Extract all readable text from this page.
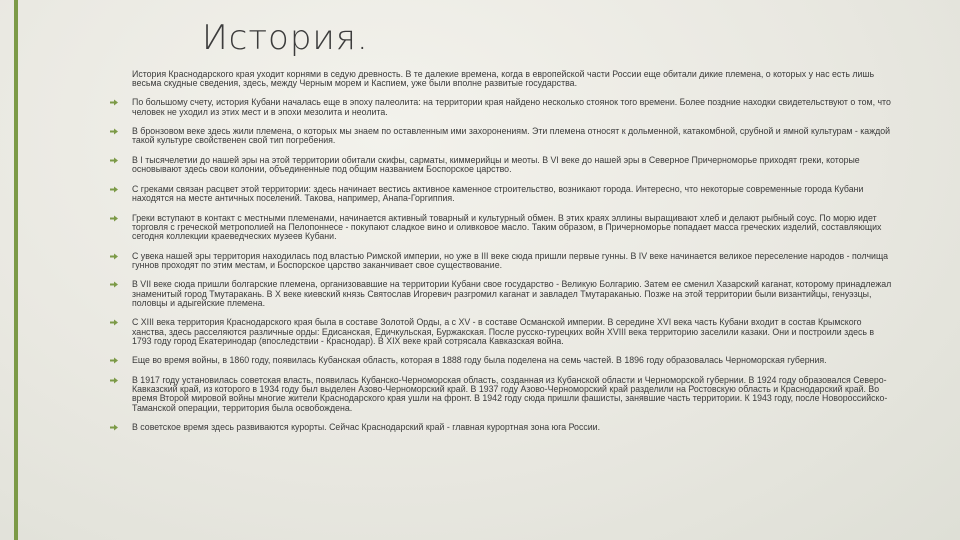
История.
История Краснодарского края уходит корнями в седую древность. В те далекие времена, когда в европейской части России еще обитали дикие племена, о которых у нас есть лишь весьма скудные сведения, здесь, между Черным морем и Каспием, уже были вполне развитые государства.
По большому счету, история Кубани началась еще в эпоху палеолита: на территории края найдено несколько стоянок того времени. Более поздние находки свидетельствуют о том, что человек не уходил из этих мест и в эпохи мезолита и неолита.
В бронзовом веке здесь жили племена, о которых мы знаем по оставленным ими захоронениям. Эти племена относят к дольменной, катакомбной, срубной и ямной культурам - каждой такой культуре свойственен свой тип погребения.
В I тысячелетии до нашей эры на этой территории обитали скифы, сарматы, киммерийцы и меоты. В VI веке до нашей эры в Северное Причерноморье приходят греки, которые основывают здесь свои колонии, объединенные под общим названием Боспорское царство.
С греками связан расцвет этой территории: здесь начинает вестись активное каменное строительство, возникают города. Интересно, что некоторые современные города Кубани находятся на месте античных поселений. Такова, например, Анапа-Горгиппия.
Греки вступают в контакт с местными племенами, начинается активный товарный и культурный обмен. В этих краях эллины выращивают хлеб и делают рыбный соус. По морю идет торговля с греческой метрополией на Пелопоннесе - покупают сладкое вино и оливковое масло. Таким образом, в Причерноморье попадает масса греческих изделий, составляющих сегодня коллекции краеведческих музеев Кубани.
С увека нашей эры территория находилась под властью Римской империи, но уже в III веке сюда пришли первые гунны. В IV веке начинается великое переселение народов - полчища гуннов проходят по этим местам, и Боспорское царство заканчивает свое существование.
В VII веке сюда пришли болгарские племена, организовавшие на территории Кубани свое государство - Великую Болгарию. Затем ее сменил Хазарский каганат, которому принадлежал знаменитый город Тмутаракань. В X веке киевский князь Святослав Игоревич разгромил каганат и завладел Тмутараканью. Позже на этой территории были византийцы, генуэзцы, половцы и адыгейские племена.
С XIII века территория Краснодарского края была в составе Золотой Орды, а с XV - в составе Османской империи. В середине XVI века часть Кубани входит в состав Крымского ханства, здесь расселяются различные орды: Едисанская, Едичкульская, Буржакская. После русско-турецких войн XVIII века территорию заселили казаки. Они и построили здесь в 1793 году город Екатеринодар (впоследствии - Краснодар). В XIX веке край сотрясала Кавказская война.
Еще во время войны, в 1860 году, появилась Кубанская область, которая в 1888 году была поделена на семь частей. В 1896 году образовалась Черноморская губерния.
В 1917 году установилась советская власть, появилась Кубанско-Черноморская область, созданная из Кубанской области и Черноморской губернии. В 1924 году образовался Северо-Кавказский край, из которого в 1934 году был выделен Азово-Черноморский край. В 1937 году Азово-Черноморский край разделили на Ростовскую область и Краснодарский край. Во время Второй мировой войны многие жители Краснодарского края ушли на фронт. В 1942 году сюда пришли фашисты, занявшие часть территории. К 1943 году, после Новороссийско-Таманской операции, территория была освобождена.
В советское время здесь развиваются курорты. Сейчас Краснодарский край - главная курортная зона юга России.
